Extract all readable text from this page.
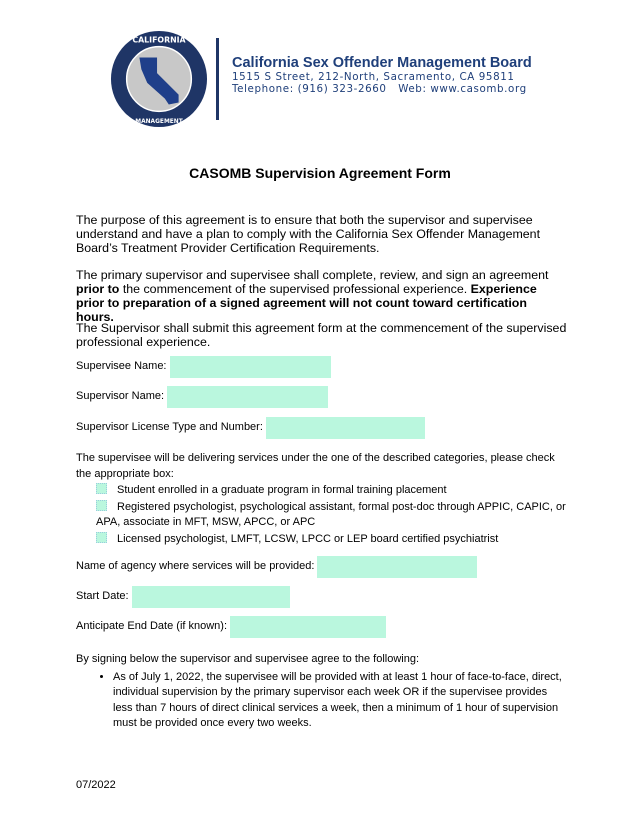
CALIFORNIA
MANAGEMENT
California Sex Offender Management Board
1515 S Street, 212-North, Sacramento, CA 95811
Telephone: (916) 323-2660   Web: www.casomb.org
CASOMB Supervision Agreement Form
The purpose of this agreement is to ensure that both the supervisor and supervisee understand and have a plan to comply with the California Sex Offender Management Board’s Treatment Provider Certification Requirements.
The primary supervisor and supervisee shall complete, review, and sign an agreement prior to the commencement of the supervised professional experience. Experience prior to preparation of a signed agreement will not count toward certification hours.
The Supervisor shall submit this agreement form at the commencement of the supervised professional experience.
Supervisee Name:
Supervisor Name:
Supervisor License Type and Number:
The supervisee will be delivering services under the one of the described categories, please check the appropriate box:
Student enrolled in a graduate program in formal training placement
Registered psychologist, psychological assistant, formal post-doc through APPIC, CAPIC, or APA, associate in MFT, MSW, APCC, or APC
Licensed psychologist, LMFT, LCSW, LPCC or LEP board certified psychiatrist
Name of agency where services will be provided:
Start Date:
Anticipate End Date (if known):
By signing below the supervisor and supervisee agree to the following:
• As of July 1, 2022, the supervisee will be provided with at least 1 hour of face-to-face, direct, individual supervision by the primary supervisor each week OR if the supervisee provides less than 7 hours of direct clinical services a week, then a minimum of 1 hour of supervision must be provided once every two weeks.
07/2022
